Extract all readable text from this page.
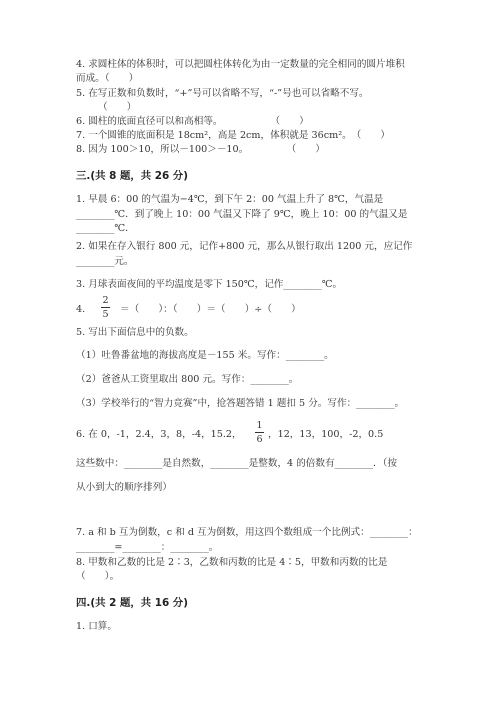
4. 求圆柱体的体积时，可以把圆柱体转化为由一定数量的完全相同的圆片堆积
而成。（　　）
5. 在写正数和负数时，“+”号可以省略不写，“-”号也可以省略不写。
（　　）
6. 圆柱的底面直径可以和高相等。　　　　　　（　　）
7. 一个圆锥的底面积是 18cm²，高是 2cm，体积就是 36cm²。　（　　）
8. 因为 100＞10，所以－100＞－10。　　　　　（　　）
三.(共 8 题，共 26 分)
1. 早晨 6：00 的气温为−4℃，到下午 2：00 气温上升了 8℃，气温是
________℃．到了晚上 10：00 气温又下降了 9℃，晚上 10：00 的气温又是
________℃．
2. 如果在存入银行 800 元，记作+800 元，那么从银行取出 1200 元，应记作
________元。
3. 月球表面夜间的平均温度是零下 150℃，记作________℃。
4.
2
5 ＝（　　）：（　　）＝（　　）÷（　　）
5. 写出下面信息中的负数。
（1）吐鲁番盆地的海拔高度是－155 米。写作：________。
（2）爸爸从工资里取出 800 元。写作：________。
（3）学校举行的“智力竞赛”中，抢答题答错 1 题扣 5 分。写作：________。
6. 在 0，-1，2.4，3，8，-4，15.2，
1
6 ，12，13，100，-2，0.5
这些数中：________是自然数，________是整数，4 的倍数有________．（按
从小到大的顺序排列）
7. a 和 b 互为倒数，c 和 d 互为倒数，用这四个数组成一个比例式：________：
________=________：________。
8. 甲数和乙数的比是 2∶3，乙数和丙数的比是 4∶5，甲数和丙数的比是
（　　）。
四.(共 2 题，共 16 分)
1. 口算。
